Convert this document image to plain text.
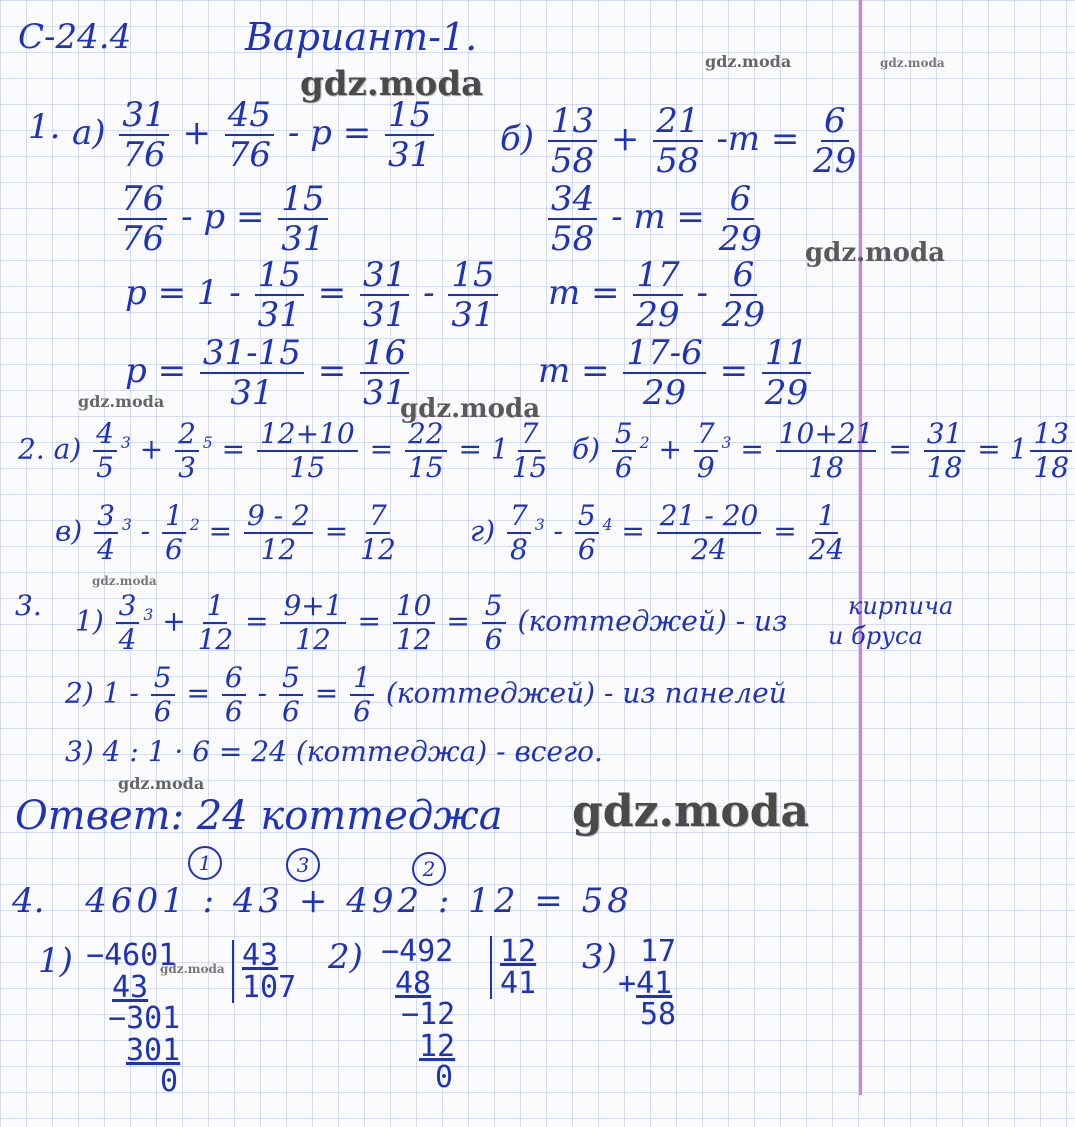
С-24.4	Вариант-1.
gdz.moda
gdz.moda	gdz.moda
gdz.moda
gdz.moda	gdz.moda
gdz.moda
gdz.moda
gdz.moda
gdz.moda
1. $а) \frac{31}{76} + \frac{45}{76} - p = \frac{15}{31}$
$\frac{76}{76} - p = \frac{15}{31}$
$p = 1 - \frac{15}{31} = \frac{31}{31} - \frac{15}{31}$
$p = \frac{31-15}{31} = \frac{16}{31}$
$б) \frac{13}{58} + \frac{21}{58} -m = \frac{6}{29}$
$\frac{34}{58} - m = \frac{6}{29}$
$m = \frac{17}{29} - \frac{6}{29}$
$m = \frac{17-6}{29} = \frac{11}{29}$
2. $а) \frac{4}{5} ^3 + \frac{2}{3} ^5 = \frac{12+10}{15} = \frac{22}{15} = 1 \frac{7}{15} б) \frac{5}{6} ^2 + \frac{7}{9} ^3 = \frac{10+21}{18} = \frac{31}{18} = 1 \frac{13}{18}$
$в) \frac{3}{4} ^3 - \frac{1}{6} ^2 = \frac{9 - 2}{12} = \frac{7}{12}$	$г) \frac{7}{8} ^3 - \frac{5}{6} ^4 = \frac{21 - 20}{24} = \frac{1}{24}$
3. $1) \frac{3}{4} ^3 + \frac{1}{12} = \frac{9+1}{12} = \frac{10}{12} = \frac{5}{6}$ (коттеджей) - из	кирпича
и бруса
2) $1 - \frac{5}{6} = \frac{6}{6} - \frac{5}{6} = \frac{1}{6}$ (коттеджей) - из панелей
3) 4 : 1 · 6 = 24 (коттеджа) - всего.
Ответ: 24 коттеджа
1	3	2
4. 4601 : 43 + 492 : 12 = 58
1) −4601
43
−301
301
0
43
107
2) −492
48
−12
12
0
12
41
3) 17
+41
58
